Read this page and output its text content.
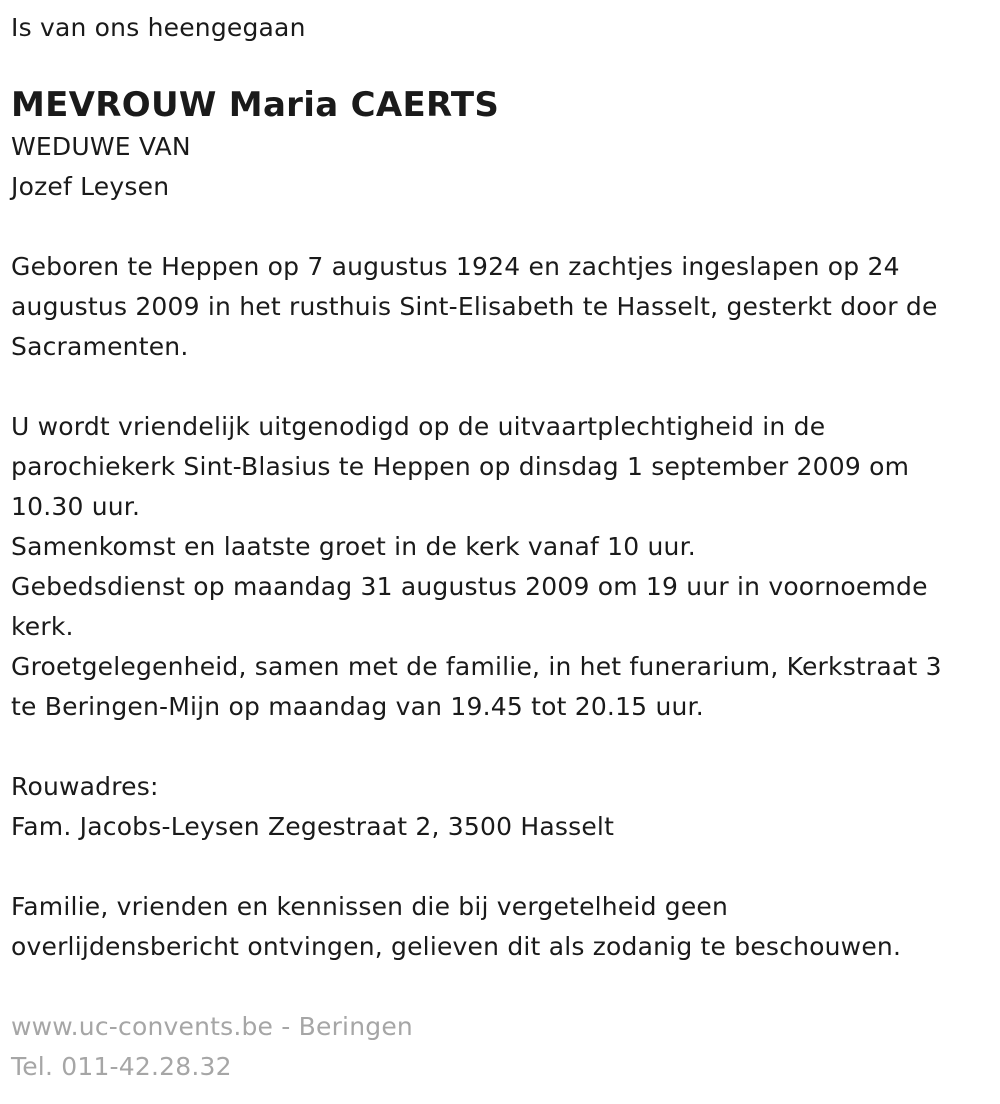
Is van ons heengegaan
MEVROUW Maria CAERTS
WEDUWE VAN
Jozef Leysen
Geboren te Heppen op 7 augustus 1924 en zachtjes ingeslapen op 24
augustus 2009 in het rusthuis Sint-Elisabeth te Hasselt, gesterkt door de
Sacramenten.
U wordt vriendelijk uitgenodigd op de uitvaartplechtigheid in de
parochiekerk Sint-Blasius te Heppen op dinsdag 1 september 2009 om
10.30 uur.
Samenkomst en laatste groet in de kerk vanaf 10 uur.
Gebedsdienst op maandag 31 augustus 2009 om 19 uur in voornoemde
kerk.
Groetgelegenheid, samen met de familie, in het funerarium, Kerkstraat 3
te Beringen-Mijn op maandag van 19.45 tot 20.15 uur.
Rouwadres:
Fam. Jacobs-Leysen Zegestraat 2, 3500 Hasselt
Familie, vrienden en kennissen die bij vergetelheid geen
overlijdensbericht ontvingen, gelieven dit als zodanig te beschouwen.
www.uc-convents.be - Beringen
Tel. 011-42.28.32
